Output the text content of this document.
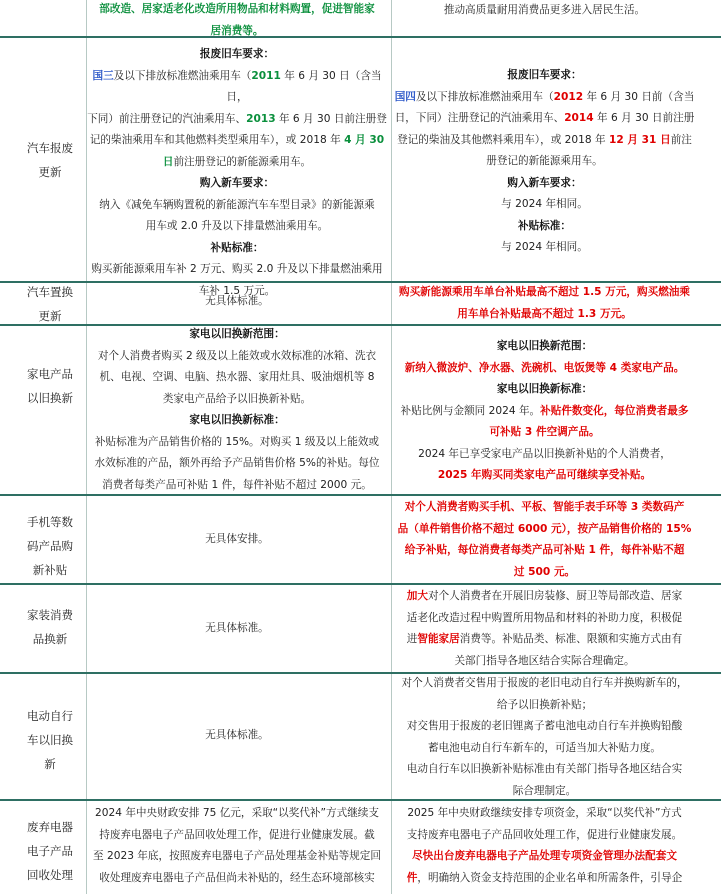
部改造、居家适老化改造所用物品和材料购置，促进智能家
居消费等。
推动高质量耐用消费品更多进入居民生活。
汽车报废
更新
报废旧车要求：
国三及以下排放标准燃油乘用车（2011 年 6 月 30 日（含当日，
下同）前注册登记的汽油乘用车、2013 年 6 月 30 日前注册登
记的柴油乘用车和其他燃料类型乘用车），或 2018 年 4 月 30
日前注册登记的新能源乘用车。
购入新车要求：
纳入《减免车辆购置税的新能源汽车车型目录》的新能源乘
用车或 2.0 升及以下排量燃油乘用车。
补贴标准：
购买新能源乘用车补 2 万元、购买 2.0 升及以下排量燃油乘用
车补 1.5 万元。
报废旧车要求：
国四及以下排放标准燃油乘用车（2012 年 6 月 30 日前（含当
日，下同）注册登记的汽油乘用车、2014 年 6 月 30 日前注册
登记的柴油及其他燃料乘用车），或 2018 年 12 月 31 日前注
册登记的新能源乘用车。
购入新车要求：
与 2024 年相同。
补贴标准：
与 2024 年相同。
汽车置换
更新
无具体标准。
购买新能源乘用车单台补贴最高不超过 1.5 万元，购买燃油乘
用车单台补贴最高不超过 1.3 万元。
家电产品
以旧换新
家电以旧换新范围：
对个人消费者购买 2 级及以上能效或水效标准的冰箱、洗衣
机、电视、空调、电脑、热水器、家用灶具、吸油烟机等 8
类家电产品给予以旧换新补贴。
家电以旧换新标准：
补贴标准为产品销售价格的 15%。对购买 1 级及以上能效或
水效标准的产品，额外再给予产品销售价格 5%的补贴。每位
消费者每类产品可补贴 1 件，每件补贴不超过 2000 元。
家电以旧换新范围：
新纳入微波炉、净水器、洗碗机、电饭煲等 4 类家电产品。
家电以旧换新标准：
补贴比例与金额同 2024 年。补贴件数变化，每位消费者最多
可补贴 3 件空调产品。
2024 年已享受家电产品以旧换新补贴的个人消费者，
2025 年购买同类家电产品可继续享受补贴。
手机等数
码产品购
新补贴
无具体安排。
对个人消费者购买手机、平板、智能手表手环等 3 类数码产
品（单件销售价格不超过 6000 元），按产品销售价格的 15%
给予补贴，每位消费者每类产品可补贴 1 件，每件补贴不超
过 500 元。
家装消费
品换新
无具体标准。
加大对个人消费者在开展旧房装修、厨卫等局部改造、居家
适老化改造过程中购置所用物品和材料的补助力度，积极促
进智能家居消费等。补贴品类、标准、限额和实施方式由有
关部门指导各地区结合实际合理确定。
电动自行
车以旧换
新
无具体标准。
对个人消费者交售用于报废的老旧电动自行车并换购新车的，
给予以旧换新补贴；
对交售用于报废的老旧锂离子蓄电池电动自行车并换购铅酸
蓄电池电动自行车新车的，可适当加大补贴力度。
电动自行车以旧换新补贴标准由有关部门指导各地区结合实
际合理制定。
废弃电器
电子产品
回收处理
2024 年中央财政安排 75 亿元，采取“以奖代补”方式继续支
持废弃电器电子产品回收处理工作，促进行业健康发展。截
至 2023 年底，按照废弃电器电子产品处理基金补贴等规定回
收处理废弃电器电子产品但尚未补贴的，经生态环境部核实
2025 年中央财政继续安排专项资金，采取“以奖代补”方式
支持废弃电器电子产品回收处理工作，促进行业健康发展。
尽快出台废弃电器电子产品处理专项资金管理办法配套文
件，明确纳入资金支持范围的企业名单和所需条件，引导企
